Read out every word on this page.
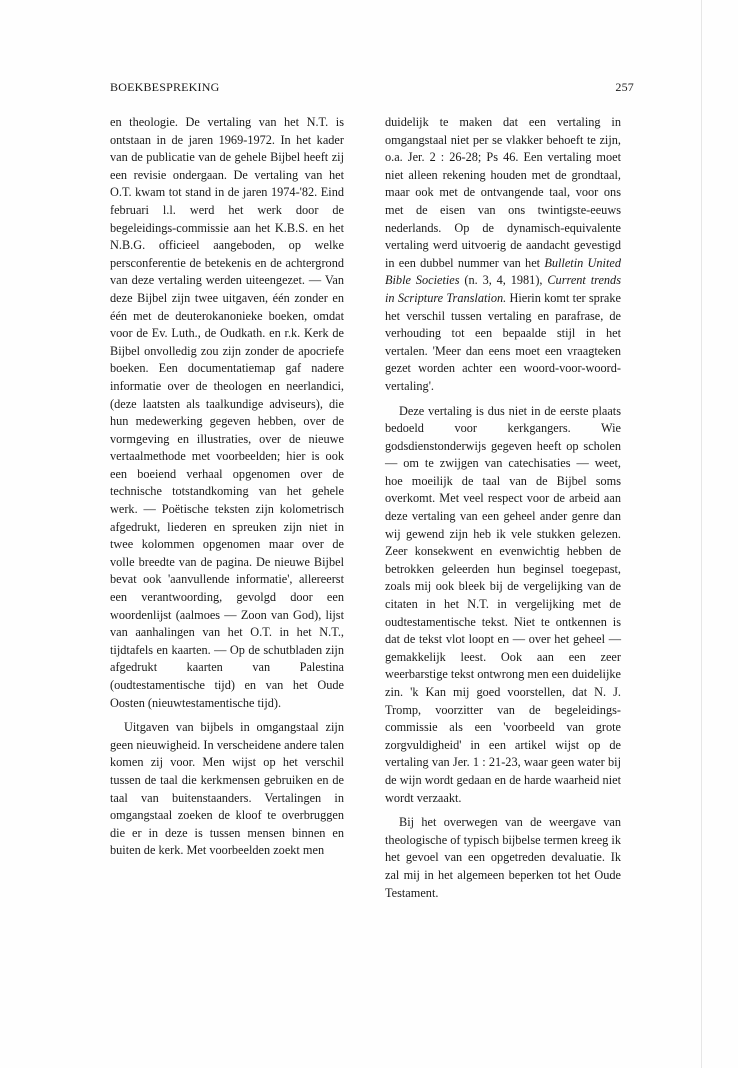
BOEKBESPREKING	257

en theologie. De vertaling van het N.T. is ontstaan in de jaren 1969-1972. In het kader van de publicatie van de gehele Bijbel heeft zij een revisie ondergaan. De vertaling van het O.T. kwam tot stand in de jaren 1974-'82. Eind februari l.l. werd het werk door de begeleidings-commissie aan het K.B.S. en het N.B.G. officieel aangeboden, op welke persconferentie de betekenis en de achtergrond van deze vertaling werden uiteengezet. — Van deze Bijbel zijn twee uitgaven, één zonder en één met de deuterokanonieke boeken, omdat voor de Ev. Luth., de Oudkath. en r.k. Kerk de Bijbel onvolledig zou zijn zonder de apocriefe boeken. Een documentatiemap gaf nadere informatie over de theologen en neerlandici, (deze laatsten als taalkundige adviseurs), die hun medewerking gegeven hebben, over de vormgeving en illustraties, over de nieuwe vertaalmethode met voorbeelden; hier is ook een boeiend verhaal opgenomen over de technische totstandkoming van het gehele werk. — Poëtische teksten zijn kolometrisch afgedrukt, liederen en spreuken zijn niet in twee kolommen opgenomen maar over de volle breedte van de pagina. De nieuwe Bijbel bevat ook 'aanvullende informatie', allereerst een verantwoording, gevolgd door een woordenlijst (aalmoes — Zoon van God), lijst van aanhalingen van het O.T. in het N.T., tijdtafels en kaarten. — Op de schutbladen zijn afgedrukt kaarten van Palestina (oudtestamentische tijd) en van het Oude Oosten (nieuwtestamentische tijd).

Uitgaven van bijbels in omgangstaal zijn geen nieuwigheid. In verscheidene andere talen komen zij voor. Men wijst op het verschil tussen de taal die kerkmensen gebruiken en de taal van buitenstaanders. Vertalingen in omgangstaal zoeken de kloof te overbruggen die er in deze is tussen mensen binnen en buiten de kerk. Met voorbeelden zoekt men

duidelijk te maken dat een vertaling in omgangstaal niet per se vlakker behoeft te zijn, o.a. Jer. 2 : 26-28; Ps 46. Een vertaling moet niet alleen rekening houden met de grondtaal, maar ook met de ontvangende taal, voor ons met de eisen van ons twintigste-eeuws nederlands. Op de dynamisch-equivalente vertaling werd uitvoerig de aandacht gevestigd in een dubbel nummer van het Bulletin United Bible Societies (n. 3, 4, 1981), Current trends in Scripture Translation. Hierin komt ter sprake het verschil tussen vertaling en parafrase, de verhouding tot een bepaalde stijl in het vertalen. 'Meer dan eens moet een vraagteken gezet worden achter een woord-voor-woord-vertaling'.

Deze vertaling is dus niet in de eerste plaats bedoeld voor kerkgangers. Wie godsdienstonderwijs gegeven heeft op scholen — om te zwijgen van catechisaties — weet, hoe moeilijk de taal van de Bijbel soms overkomt. Met veel respect voor de arbeid aan deze vertaling van een geheel ander genre dan wij gewend zijn heb ik vele stukken gelezen. Zeer konsekwent en evenwichtig hebben de betrokken geleerden hun beginsel toegepast, zoals mij ook bleek bij de vergelijking van de citaten in het N.T. in vergelijking met de oudtestamentische tekst. Niet te ontkennen is dat de tekst vlot loopt en — over het geheel — gemakkelijk leest. Ook aan een zeer weerbarstige tekst ontwrong men een duidelijke zin. 'k Kan mij goed voorstellen, dat N. J. Tromp, voorzitter van de begeleidings-commissie als een 'voorbeeld van grote zorgvuldigheid' in een artikel wijst op de vertaling van Jer. 1 : 21-23, waar geen water bij de wijn wordt gedaan en de harde waarheid niet wordt verzaakt.

Bij het overwegen van de weergave van theologische of typisch bijbelse termen kreeg ik het gevoel van een opgetreden devaluatie. Ik zal mij in het algemeen beperken tot het Oude Testament.
